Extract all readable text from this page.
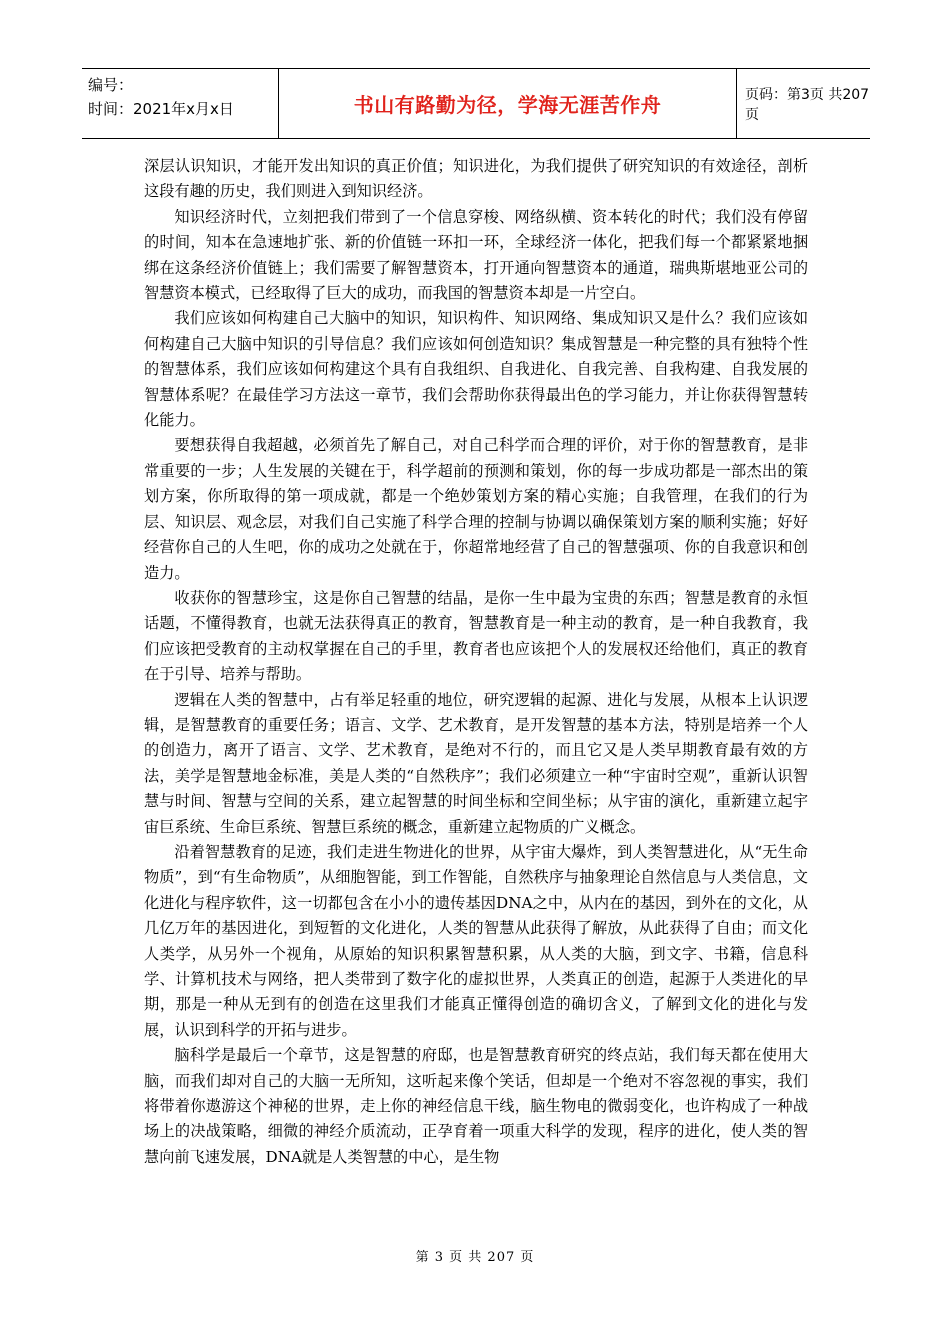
编号：
时间：2021年x月x日	书山有路勤为径，学海无涯苦作舟	页码：第3页 共207页

深层认识知识，才能开发出知识的真正价值；知识进化，为我们提供了研究知识的有效途径，剖析这段有趣的历史，我们则进入到知识经济。

知识经济时代，立刻把我们带到了一个信息穿梭、网络纵横、资本转化的时代；我们没有停留的时间，知本在急速地扩张、新的价值链一环扣一环，全球经济一体化，把我们每一个都紧紧地捆绑在这条经济价值链上；我们需要了解智慧资本，打开通向智慧资本的通道，瑞典斯堪地亚公司的智慧资本模式，已经取得了巨大的成功，而我国的智慧资本却是一片空白。

我们应该如何构建自己大脑中的知识，知识构件、知识网络、集成知识又是什么？我们应该如何构建自己大脑中知识的引导信息？我们应该如何创造知识？集成智慧是一种完整的具有独特个性的智慧体系，我们应该如何构建这个具有自我组织、自我进化、自我完善、自我构建、自我发展的智慧体系呢？在最佳学习方法这一章节，我们会帮助你获得最出色的学习能力，并让你获得智慧转化能力。

要想获得自我超越，必须首先了解自己，对自己科学而合理的评价，对于你的智慧教育，是非常重要的一步；人生发展的关键在于，科学超前的预测和策划，你的每一步成功都是一部杰出的策划方案，你所取得的第一项成就，都是一个绝妙策划方案的精心实施；自我管理，在我们的行为层、知识层、观念层，对我们自己实施了科学合理的控制与协调以确保策划方案的顺利实施；好好经营你自己的人生吧，你的成功之处就在于，你超常地经营了自己的智慧强项、你的自我意识和创造力。

收获你的智慧珍宝，这是你自己智慧的结晶，是你一生中最为宝贵的东西；智慧是教育的永恒话题，不懂得教育，也就无法获得真正的教育，智慧教育是一种主动的教育，是一种自我教育，我们应该把受教育的主动权掌握在自己的手里，教育者也应该把个人的发展权还给他们，真正的教育在于引导、培养与帮助。

逻辑在人类的智慧中，占有举足轻重的地位，研究逻辑的起源、进化与发展，从根本上认识逻辑，是智慧教育的重要任务；语言、文学、艺术教育，是开发智慧的基本方法，特别是培养一个人的创造力，离开了语言、文学、艺术教育，是绝对不行的，而且它又是人类早期教育最有效的方法，美学是智慧地金标准，美是人类的“自然秩序”；我们必须建立一种“宇宙时空观”，重新认识智慧与时间、智慧与空间的关系，建立起智慧的时间坐标和空间坐标；从宇宙的演化，重新建立起宇宙巨系统、生命巨系统、智慧巨系统的概念，重新建立起物质的广义概念。

沿着智慧教育的足迹，我们走进生物进化的世界，从宇宙大爆炸，到人类智慧进化，从“无生命物质”，到“有生命物质”，从细胞智能，到工作智能，自然秩序与抽象理论自然信息与人类信息，文化进化与程序软件，这一切都包含在小小的遗传基因DNA之中，从内在的基因，到外在的文化，从几亿万年的基因进化，到短暂的文化进化，人类的智慧从此获得了解放，从此获得了自由；而文化人类学，从另外一个视角，从原始的知识积累智慧积累，从人类的大脑，到文字、书籍，信息科学、计算机技术与网络，把人类带到了数字化的虚拟世界，人类真正的创造，起源于人类进化的早期，那是一种从无到有的创造在这里我们才能真正懂得创造的确切含义，了解到文化的进化与发展，认识到科学的开拓与进步。

脑科学是最后一个章节，这是智慧的府邸，也是智慧教育研究的终点站，我们每天都在使用大脑，而我们却对自己的大脑一无所知，这听起来像个笑话，但却是一个绝对不容忽视的事实，我们将带着你遨游这个神秘的世界，走上你的神经信息干线，脑生物电的微弱变化，也许构成了一种战场上的决战策略，细微的神经介质流动，正孕育着一项重大科学的发现，程序的进化，使人类的智慧向前飞速发展，DNA就是人类智慧的中心，是生物

第 3 页 共 207 页
